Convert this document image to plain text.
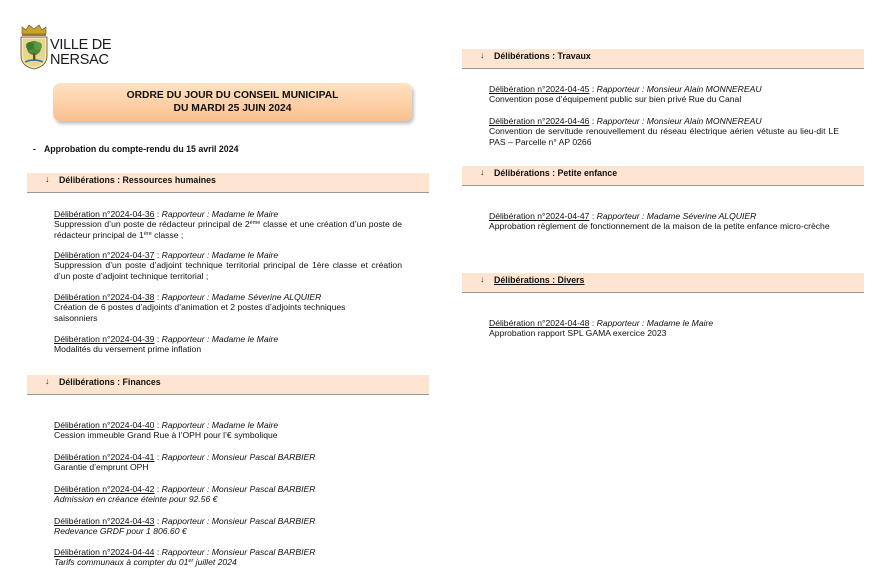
VILLE DE
NERSAC
ORDRE DU JOUR DU CONSEIL MUNICIPAL
DU MARDI 25 JUIN 2024
- Approbation du compte-rendu du 15 avril 2024
↓ Délibérations : Ressources humaines
Délibération n°2024-04-36 : Rapporteur : Madame le Maire
Suppression d’un poste de rédacteur principal de 2ème classe et une création d’un poste de rédacteur principal de 1ère classe ;
Délibération n°2024-04-37 : Rapporteur : Madame le Maire
Suppression d’un poste d’adjoint technique territorial principal de 1ère classe et création d’un poste d’adjoint technique territorial ;
Délibération n°2024-04-38 : Rapporteur : Madame Séverine ALQUIER
Création de 6 postes d’adjoints d’animation et 2 postes d’adjoints techniques saisonniers
Délibération n°2024-04-39 : Rapporteur : Madame le Maire
Modalités du versement prime inflation
↓ Délibérations : Finances
Délibération n°2024-04-40 : Rapporteur : Madame le Maire
Cession immeuble Grand Rue à l’OPH pour l’€ symbolique
Délibération n°2024-04-41 : Rapporteur : Monsieur Pascal BARBIER
Garantie d’emprunt OPH
Délibération n°2024-04-42 : Rapporteur : Monsieur Pascal BARBIER
Admission en créance éteinte pour 92.56 €
Délibération n°2024-04-43 : Rapporteur : Monsieur Pascal BARBIER
Redevance GRDF pour 1 806.60 €
Délibération n°2024-04-44 : Rapporteur : Monsieur Pascal BARBIER
Tarifs communaux à compter du 01er juillet 2024
↓ Délibérations : Travaux
Délibération n°2024-04-45 : Rapporteur : Monsieur Alain MONNEREAU
Convention pose d’équipement public sur bien privé Rue du Canal
Délibération n°2024-04-46 : Rapporteur : Monsieur Alain MONNEREAU
Convention de servitude renouvellement du réseau électrique aérien vétuste au lieu-dit LE PAS – Parcelle n° AP 0266
↓ Délibérations : Petite enfance
Délibération n°2024-04-47 : Rapporteur : Madame Séverine ALQUIER
Approbation règlement de fonctionnement de la maison de la petite enfance micro-crèche
↓ Délibérations : Divers
Délibération n°2024-04-48 : Rapporteur : Madame le Maire
Approbation rapport SPL GAMA exercice 2023
